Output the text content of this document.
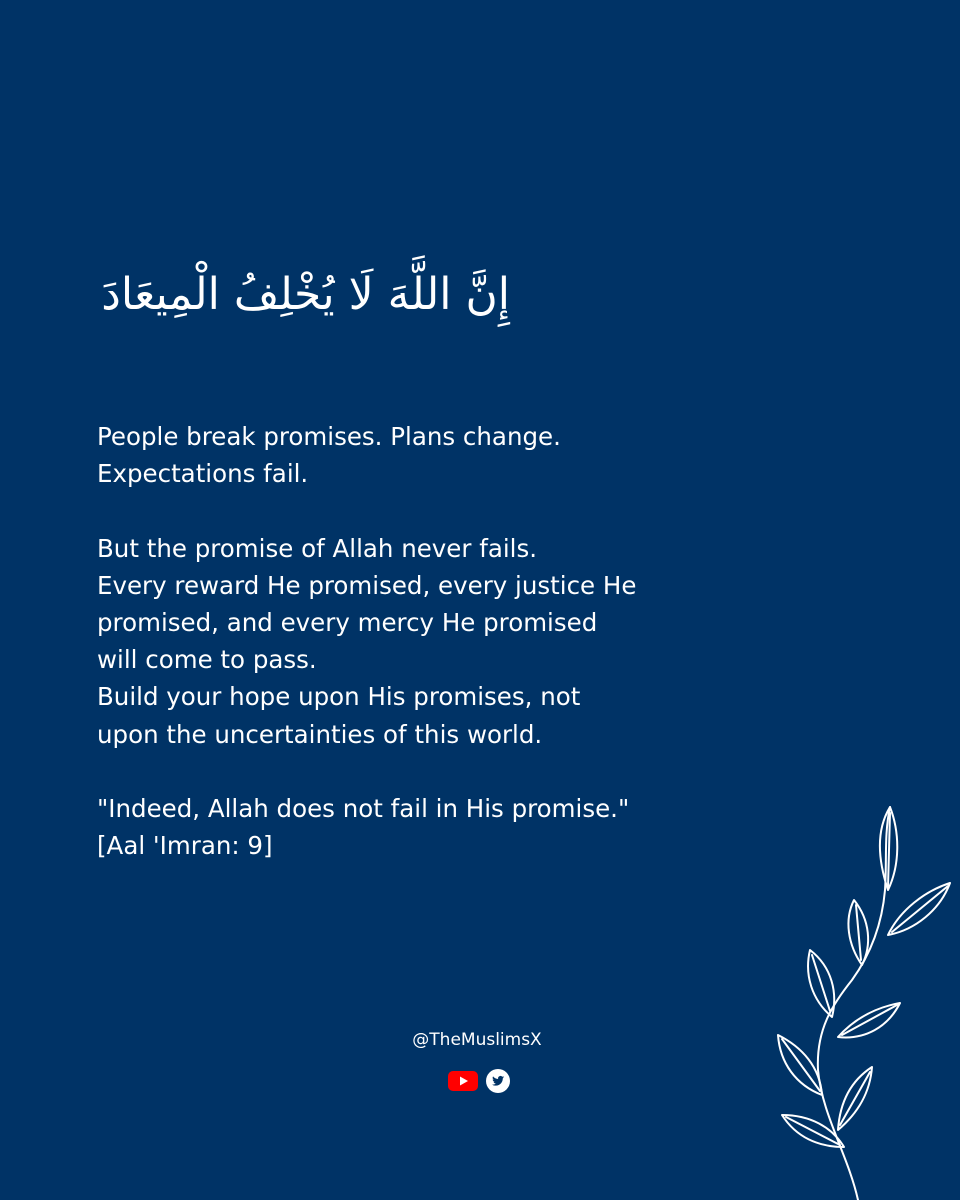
إِنَّ اللَّهَ لَا يُخْلِفُ الْمِيعَادَ

People break promises. Plans change.
Expectations fail.

But the promise of Allah never fails.
Every reward He promised, every justice He
promised, and every mercy He promised
will come to pass.
Build your hope upon His promises, not
upon the uncertainties of this world.

"Indeed, Allah does not fail in His promise."
[Aal 'Imran: 9]

@TheMuslimsX
